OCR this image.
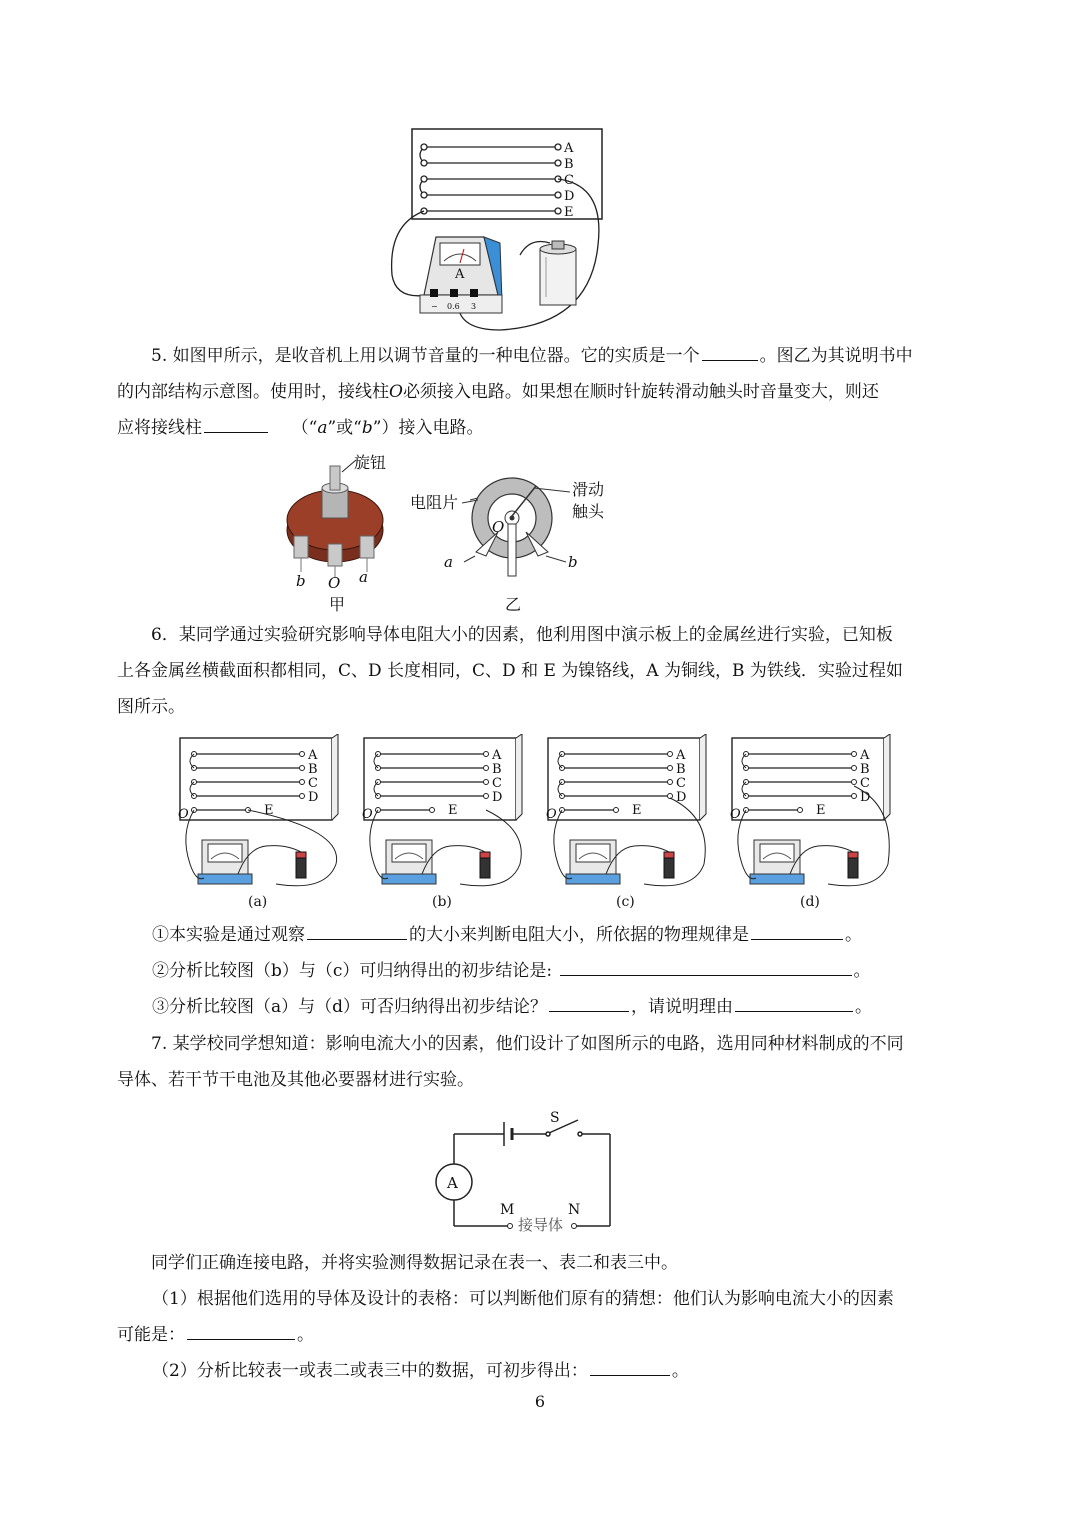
A
B
C
D
E
A
− 0.6 3
5. 如图甲所示，是收音机上用以调节音量的一种电位器。它的实质是一个	。图乙为其说明书中
的内部结构示意图。使用时，接线柱O必须接入电路。如果想在顺时针旋转滑动触头时音量变大，则还
应将接线柱	（“a”或“b”）接入电路。
旋钮
b O a
甲
电阻片
滑动
触头
O
a	b
乙
6．某同学通过实验研究影响导体电阻大小的因素，他利用图中演示板上的金属丝进行实验，已知板
上各金属丝横截面积都相同，C、D 长度相同，C、D 和 E 为镍铬线，A 为铜线，B 为铁线．实验过程如
图所示。
A
B
C
D
O	E
(a)
A
B
C
D
O	E
(b)
A
B
C
D
O	E
(c)
A
B
C
D
O	E
(d)
①本实验是通过观察	的大小来判断电阻大小，所依据的物理规律是	。
②分析比较图（b）与（c）可归纳得出的初步结论是:	。
③分析比较图（a）与（d）可否归纳得出初步结论？	，请说明理由	。
7. 某学校同学想知道：影响电流大小的因素，他们设计了如图所示的电路，选用同种材料制成的不同
导体、若干节干电池及其他必要器材进行实验。
A
S
M	N
接导体
同学们正确连接电路，并将实验测得数据记录在表一、表二和表三中。
（1）根据他们选用的导体及设计的表格：可以判断他们原有的猜想：他们认为影响电流大小的因素
可能是：	。
（2）分析比较表一或表二或表三中的数据，可初步得出：	。
6
